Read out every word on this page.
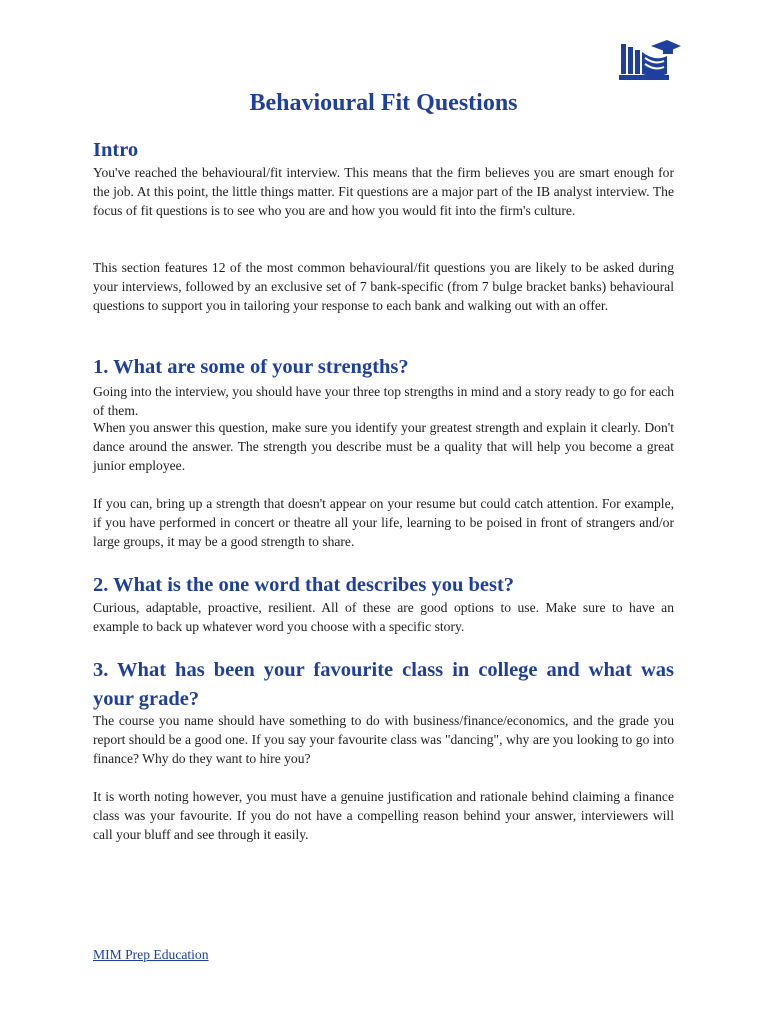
Behavioural Fit Questions
Intro

You've reached the behavioural/fit interview. This means that the firm believes you are smart enough for the job. At this point, the little things matter. Fit questions are a major part of the IB analyst interview. The focus of fit questions is to see who you are and how you would fit into the firm's culture.

This section features 12 of the most common behavioural/fit questions you are likely to be asked during your interviews, followed by an exclusive set of 7 bank-specific (from 7 bulge bracket banks) behavioural questions to support you in tailoring your response to each bank and walking out with an offer.

1. What are some of your strengths?

Going into the interview, you should have your three top strengths in mind and a story ready to go for each of them.

When you answer this question, make sure you identify your greatest strength and explain it clearly. Don't dance around the answer. The strength you describe must be a quality that will help you become a great junior employee.

If you can, bring up a strength that doesn't appear on your resume but could catch attention. For example, if you have performed in concert or theatre all your life, learning to be poised in front of strangers and/or large groups, it may be a good strength to share.

2. What is the one word that describes you best?

Curious, adaptable, proactive, resilient. All of these are good options to use. Make sure to have an example to back up whatever word you choose with a specific story.

3. What has been your favourite class in college and what was your grade?

The course you name should have something to do with business/finance/economics, and the grade you report should be a good one. If you say your favourite class was "dancing", why are you looking to go into finance? Why do they want to hire you?

It is worth noting however, you must have a genuine justification and rationale behind claiming a finance class was your favourite. If you do not have a compelling reason behind your answer, interviewers will call your bluff and see through it easily.

MIM Prep Education
